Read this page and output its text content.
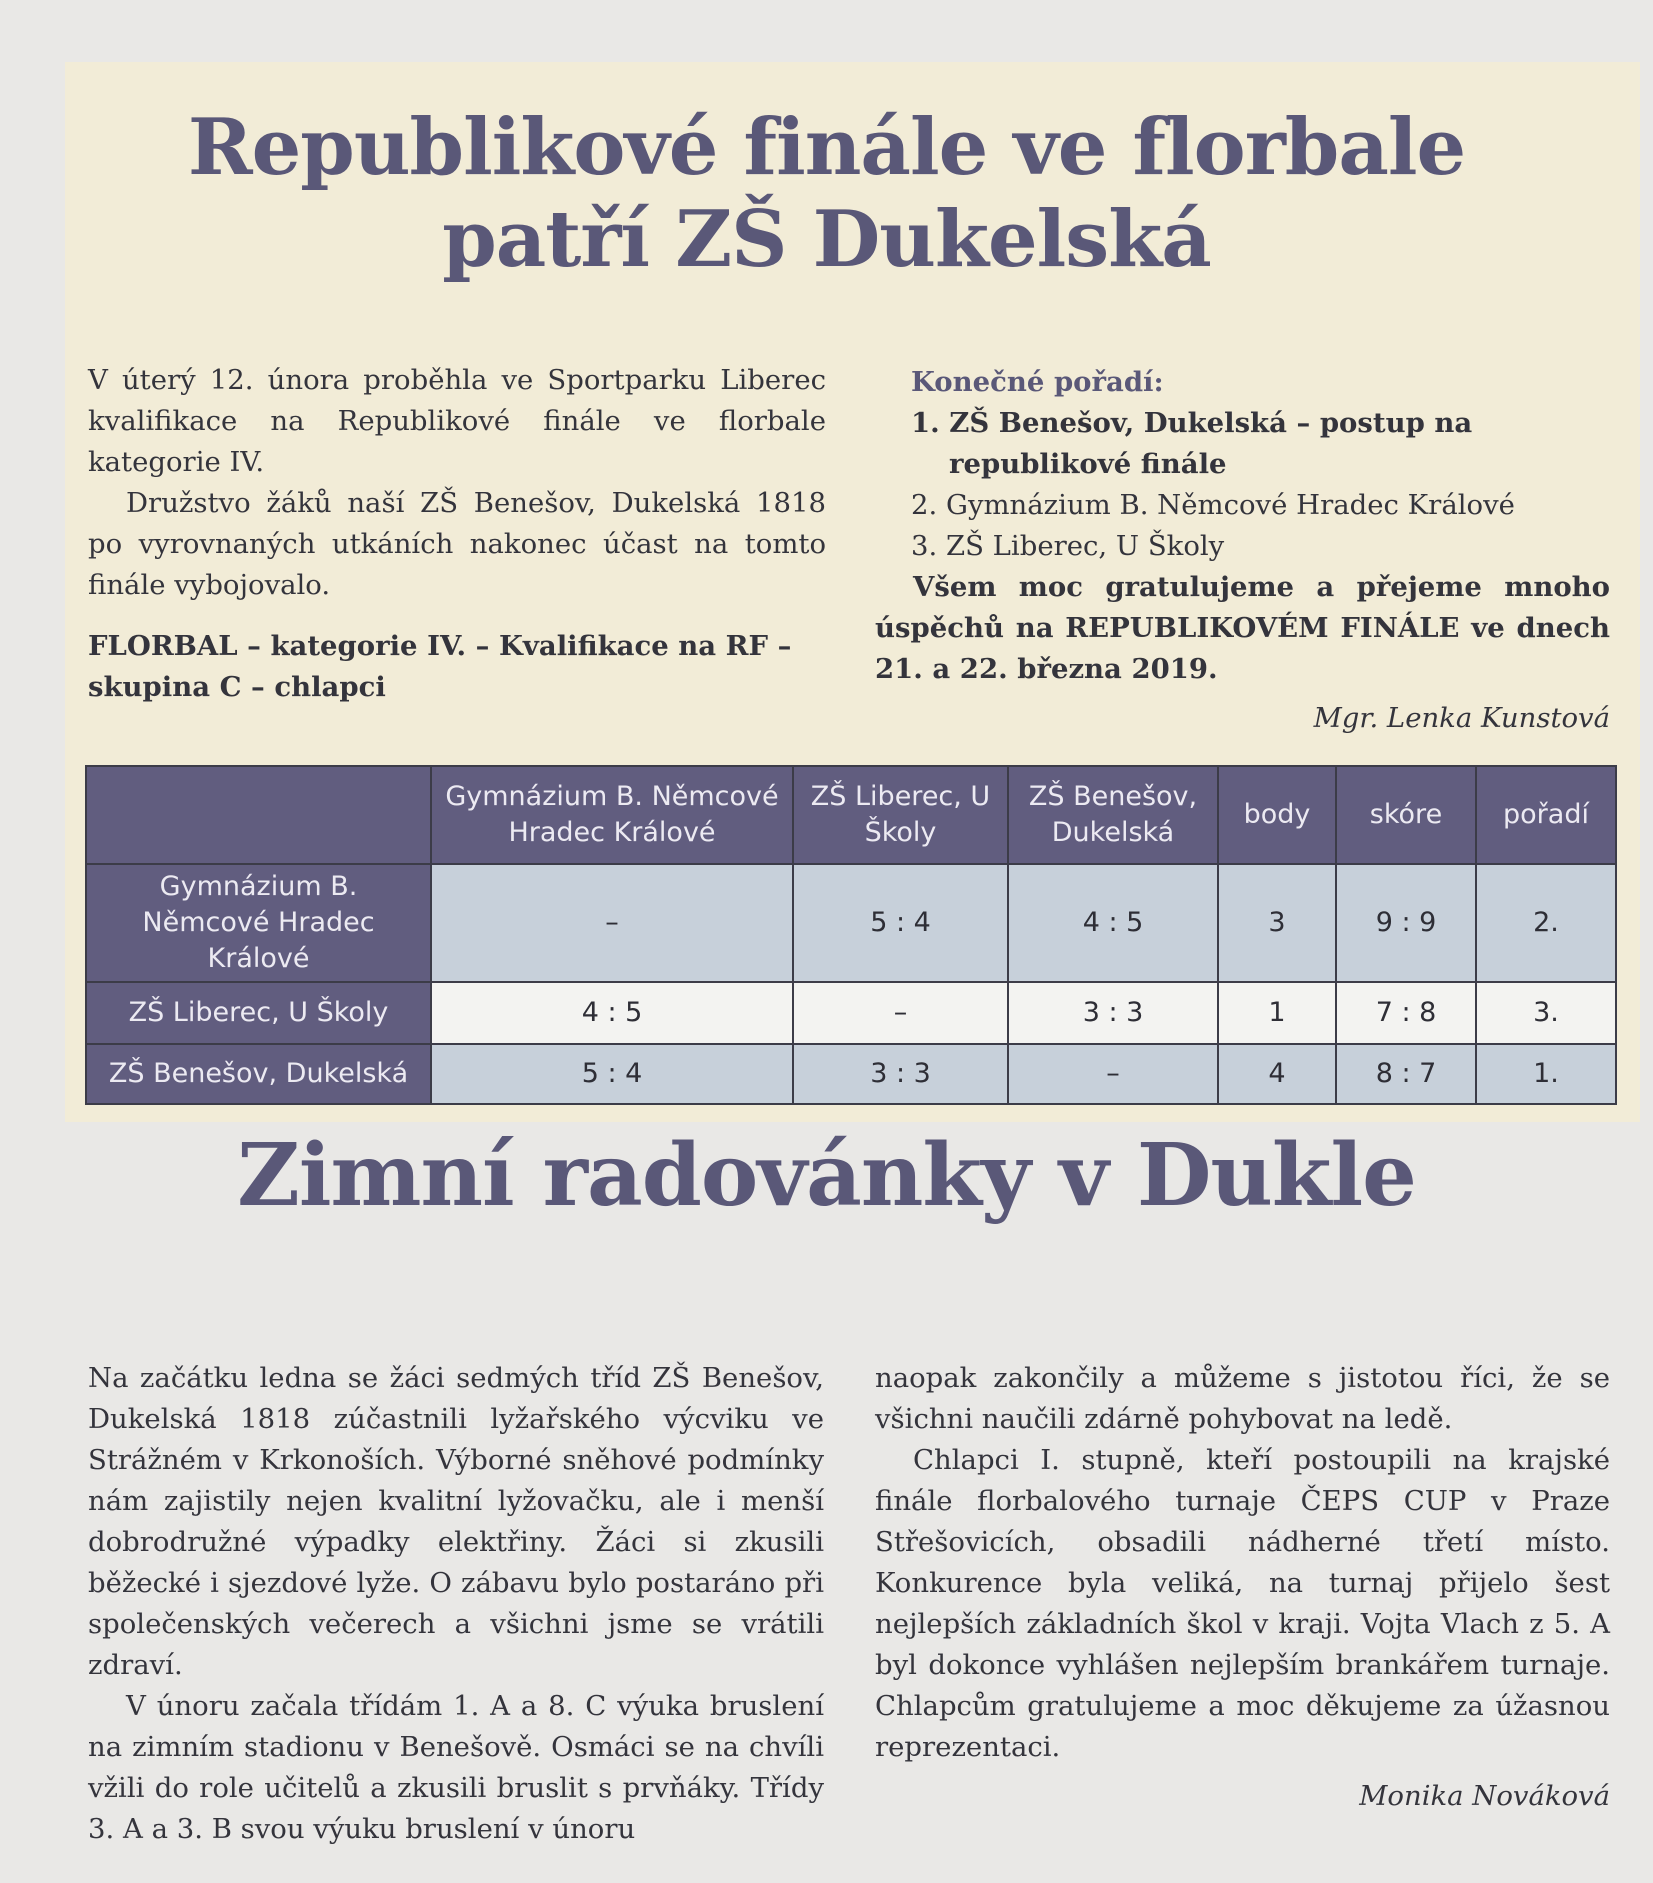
Republikové finále ve florbale
patří ZŠ Dukelská

V úterý 12. února proběhla ve Sportparku Liberec kvalifikace na Republikové finále ve florbale kategorie IV.

Družstvo žáků naší ZŠ Benešov, Dukelská 1818 po vyrovnaných utkáních nakonec účast na tomto finále vybojovalo.

FLORBAL – kategorie IV. – Kvalifikace na RF – skupina C – chlapci

Konečné pořadí:

1. ZŠ Benešov, Dukelská – postup na republikové finále

2. Gymnázium B. Němcové Hradec Králové

3. ZŠ Liberec, U Školy

Všem moc gratulujeme a přejeme mnoho úspěchů na REPUBLIKOVÉM FINÁLE ve dnech 21. a 22. března 2019.

Mgr. Lenka Kunstová

	Gymnázium B. Němcové Hradec Králové	ZŠ Liberec, U Školy	ZŠ Benešov, Dukelská	body	skóre	pořadí
Gymnázium B. Němcové Hradec Králové	–	5 : 4	4 : 5	3	9 : 9	2.
ZŠ Liberec, U Školy	4 : 5	–	3 : 3	1	7 : 8	3.
ZŠ Benešov, Dukelská	5 : 4	3 : 3	–	4	8 : 7	1.
Zimní radovánky v Dukle

Na začátku ledna se žáci sedmých tříd ZŠ Benešov, Dukelská 1818 zúčastnili lyžařského výcviku ve Strážném v Krkonoších. Výborné sněhové podmínky nám zajistily nejen kvalitní lyžovačku, ale i menší dobrodružné výpadky elektřiny. Žáci si zkusili běžecké i sjezdové lyže. O zábavu bylo postaráno při společenských večerech a všichni jsme se vrátili zdraví.

V únoru začala třídám 1. A a 8. C výuka bruslení na zimním stadionu v Benešově. Osmáci se na chvíli vžili do role učitelů a zkusili bruslit s prvňáky. Třídy 3. A a 3. B svou výuku bruslení v únoru

naopak zakončily a můžeme s jistotou říci, že se všichni naučili zdárně pohybovat na ledě.

Chlapci I. stupně, kteří postoupili na krajské finále florbalového turnaje ČEPS CUP v Praze Střešovicích, obsadili nádherné třetí místo. Konkurence byla veliká, na turnaj přijelo šest nejlepších základních škol v kraji. Vojta Vlach z 5. A byl dokonce vyhlášen nejlepším brankářem turnaje. Chlapcům gratulujeme a moc děkujeme za úžasnou reprezentaci.

Monika Nováková
